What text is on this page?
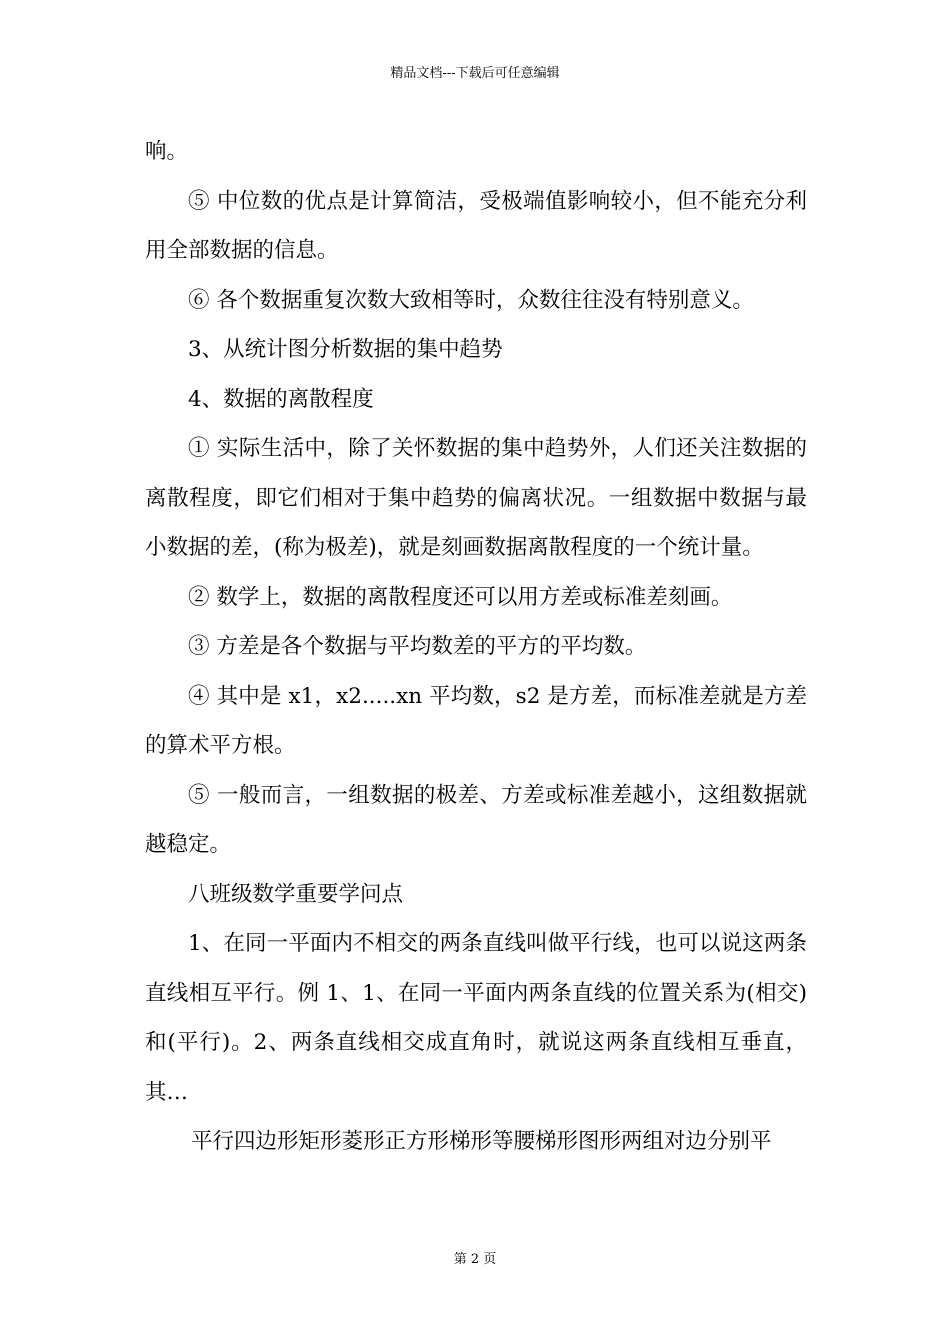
精品文档---下载后可任意编辑

响。

⑤ 中位数的优点是计算简洁，受极端值影响较小，但不能充分利用全部数据的信息。

⑥ 各个数据重复次数大致相等时，众数往往没有特别意义。

3、从统计图分析数据的集中趋势

4、数据的离散程度

① 实际生活中，除了关怀数据的集中趋势外，人们还关注数据的离散程度，即它们相对于集中趋势的偏离状况。一组数据中数据与最小数据的差，(称为极差)，就是刻画数据离散程度的一个统计量。

② 数学上，数据的离散程度还可以用方差或标准差刻画。

③ 方差是各个数据与平均数差的平方的平均数。

④ 其中是 x1，x2.....xn 平均数，s2 是方差，而标准差就是方差的算术平方根。

⑤ 一般而言，一组数据的极差、方差或标准差越小，这组数据就越稳定。

八班级数学重要学问点

1、在同一平面内不相交的两条直线叫做平行线，也可以说这两条直线相互平行。例 1、1、在同一平面内两条直线的位置关系为(相交)和(平行)。2、两条直线相交成直角时，就说这两条直线相互垂直，其…

平行四边形矩形菱形正方形梯形等腰梯形图形两组对边分别平

第 2 页
